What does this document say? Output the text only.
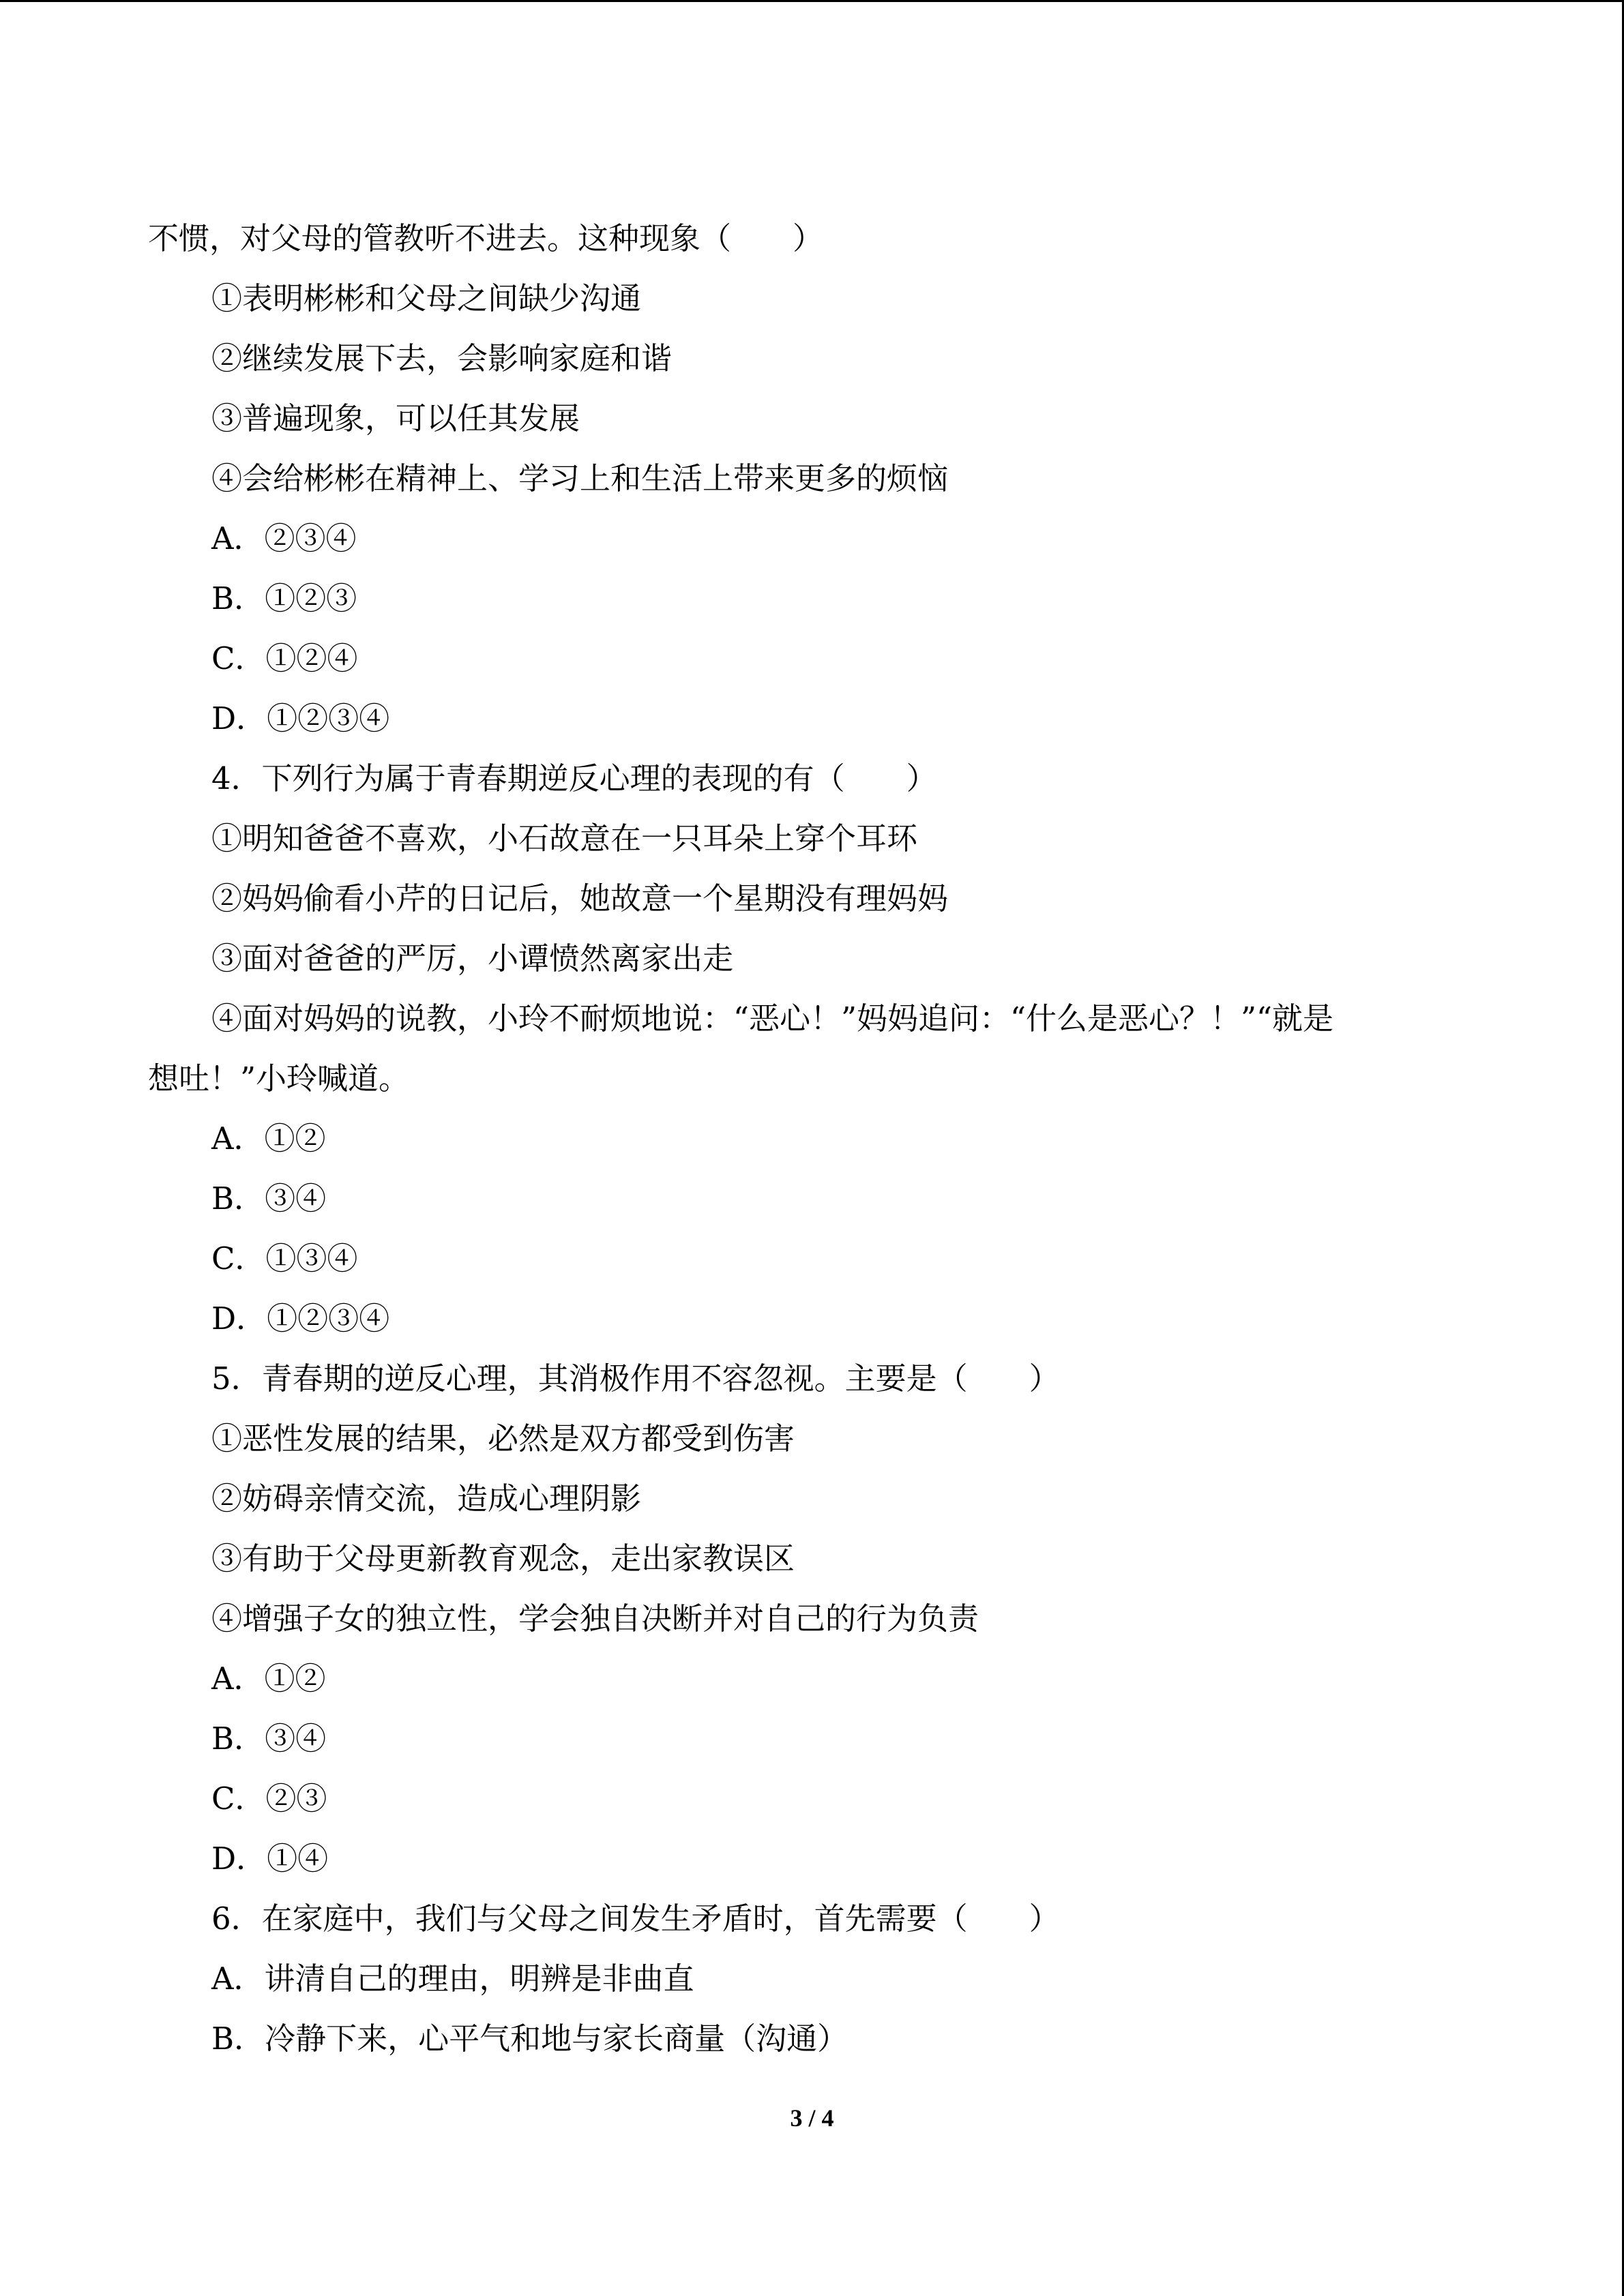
不惯，对父母的管教听不进去。这种现象（　　）

①表明彬彬和父母之间缺少沟通

②继续发展下去，会影响家庭和谐

③普遍现象，可以任其发展

④会给彬彬在精神上、学习上和生活上带来更多的烦恼

A．②③④

B．①②③

C．①②④

D．①②③④

4．下列行为属于青春期逆反心理的表现的有（　　）

①明知爸爸不喜欢，小石故意在一只耳朵上穿个耳环

②妈妈偷看小芹的日记后，她故意一个星期没有理妈妈

③面对爸爸的严厉，小谭愤然离家出走

④面对妈妈的说教，小玲不耐烦地说：“恶心！”妈妈追问：“什么是恶心？！”“就是

想吐！”小玲喊道。

A．①②

B．③④

C．①③④

D．①②③④

5．青春期的逆反心理，其消极作用不容忽视。主要是（　　）

①恶性发展的结果，必然是双方都受到伤害

②妨碍亲情交流，造成心理阴影

③有助于父母更新教育观念，走出家教误区

④增强子女的独立性，学会独自决断并对自己的行为负责

A．①②

B．③④

C．②③

D．①④

6．在家庭中，我们与父母之间发生矛盾时，首先需要（　　）

A．讲清自己的理由，明辨是非曲直

B．冷静下来，心平气和地与家长商量（沟通）

3 / 4
